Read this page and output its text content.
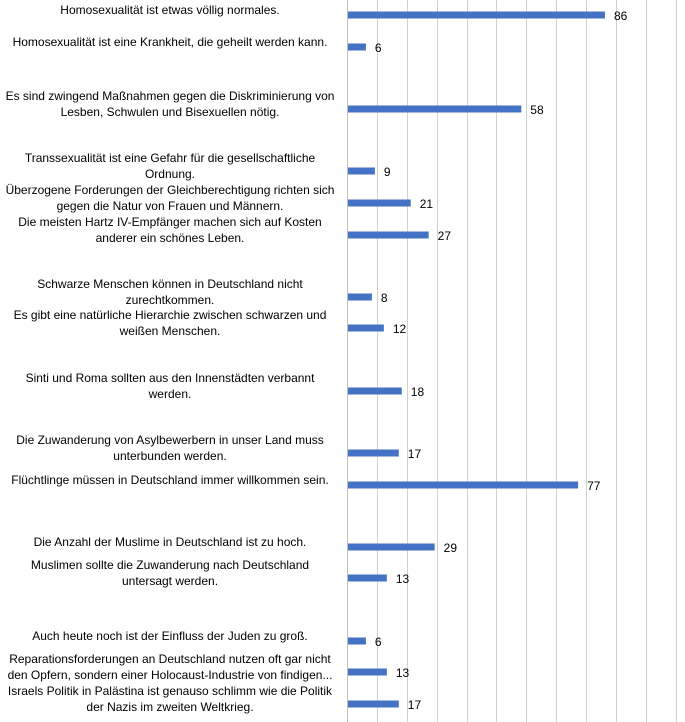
Homosexualität ist etwas völlig normales.
Homosexualität ist eine Krankheit, die geheilt werden kann.
Es sind zwingend Maßnahmen gegen die Diskriminierung von
Lesben, Schwulen und Bisexuellen nötig.
Transsexualität ist eine Gefahr für die gesellschaftliche
Ordnung.
Überzogene Forderungen der Gleichberechtigung richten sich
gegen die Natur von Frauen und Männern.
Die meisten Hartz IV-Empfänger machen sich auf Kosten
anderer ein schönes Leben.
Schwarze Menschen können in Deutschland nicht
zurechtkommen.
Es gibt eine natürliche Hierarchie zwischen schwarzen und
weißen Menschen.
Sinti und Roma sollten aus den Innenstädten verbannt
werden.
Die Zuwanderung von Asylbewerbern in unser Land muss
unterbunden werden.
Flüchtlinge müssen in Deutschland immer willkommen sein.
Die Anzahl der Muslime in Deutschland ist zu hoch.
Muslimen sollte die Zuwanderung nach Deutschland
untersagt werden.
Auch heute noch ist der Einfluss der Juden zu groß.
Reparationsforderungen an Deutschland nutzen oft gar nicht
den Opfern, sondern einer Holocaust-Industrie von findigen...
Israels Politik in Palästina ist genauso schlimm wie die Politik
der Nazis im zweiten Weltkrieg.
86
6
58
9
21
27
8
12
18
17
77
29
13
6
13
17
